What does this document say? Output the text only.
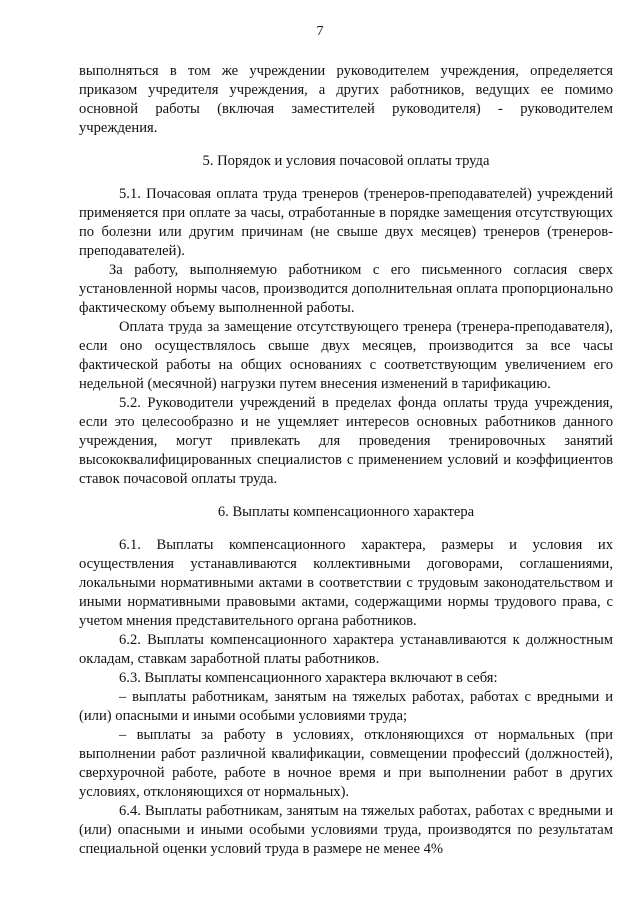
7

выполняться в том же учреждении руководителем учреждения, определяется приказом учредителя учреждения, а других работников, ведущих ее помимо основной работы (включая заместителей руководителя) - руководителем учреждения.

5. Порядок и условия почасовой оплаты труда

5.1. Почасовая оплата труда тренеров (тренеров-преподавателей) учреждений применяется при оплате за часы, отработанные в порядке замещения отсутствующих по болезни или другим причинам (не свыше двух месяцев) тренеров (тренеров-преподавателей).

За работу, выполняемую работником с его письменного согласия сверх установленной нормы часов, производится дополнительная оплата пропорционально фактическому объему выполненной работы.

Оплата труда за замещение отсутствующего тренера (тренера-преподавателя), если оно осуществлялось свыше двух месяцев, производится за все часы фактической работы на общих основаниях с соответствующим увеличением его недельной (месячной) нагрузки путем внесения изменений в тарификацию.

5.2. Руководители учреждений в пределах фонда оплаты труда учреждения, если это целесообразно и не ущемляет интересов основных работников данного учреждения, могут привлекать для проведения тренировочных занятий высококвалифицированных специалистов с применением условий и коэффициентов ставок почасовой оплаты труда.

6. Выплаты компенсационного характера

6.1. Выплаты компенсационного характера, размеры и условия их осуществления устанавливаются коллективными договорами, соглашениями, локальными нормативными актами в соответствии с трудовым законодательством и иными нормативными правовыми актами, содержащими нормы трудового права, с учетом мнения представительного органа работников.

6.2. Выплаты компенсационного характера устанавливаются к должностным окладам, ставкам заработной платы работников.

6.3. Выплаты компенсационного характера включают в себя:

– выплаты работникам, занятым на тяжелых работах, работах с вредными и (или) опасными и иными особыми условиями труда;

– выплаты за работу в условиях, отклоняющихся от нормальных (при выполнении работ различной квалификации, совмещении профессий (должностей), сверхурочной работе, работе в ночное время и при выполнении работ в других условиях, отклоняющихся от нормальных).

6.4. Выплаты работникам, занятым на тяжелых работах, работах с вредными и (или) опасными и иными особыми условиями труда, производятся по результатам специальной оценки условий труда в размере не менее 4%
